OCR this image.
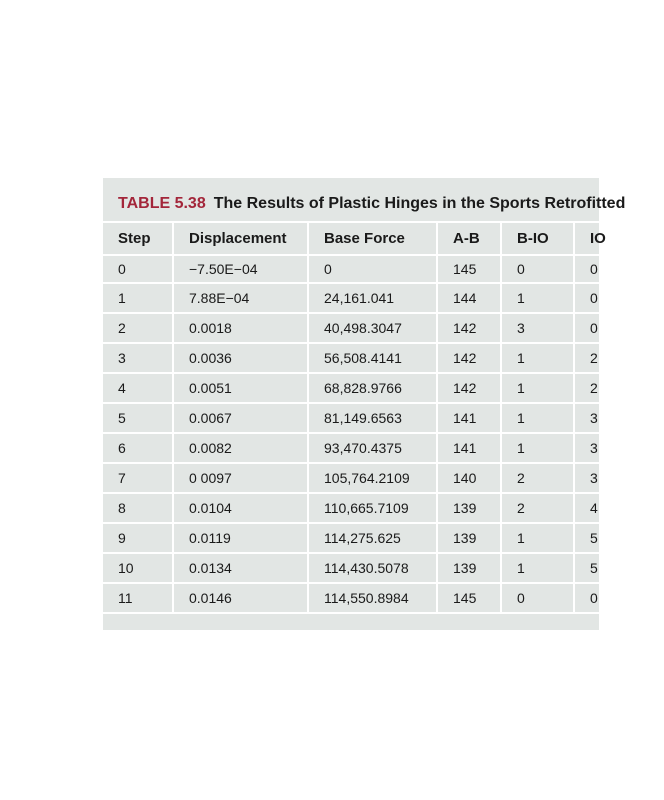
TABLE 5.38 The Results of Plastic Hinges in the Sports Retrofitted
Step	Displacement	Base Force	A-B	B-IO	IO
0	−7.50E−04	0	145	0	0
1	7.88E−04	24,161.041	144	1	0
2	0.0018	40,498.3047	142	3	0
3	0.0036	56,508.4141	142	1	2
4	0.0051	68,828.9766	142	1	2
5	0.0067	81,149.6563	141	1	3
6	0.0082	93,470.4375	141	1	3
7	0 0097	105,764.2109	140	2	3
8	0.0104	110,665.7109	139	2	4
9	0.0119	114,275.625	139	1	5
10	0.0134	114,430.5078	139	1	5
11	0.0146	114,550.8984	145	0	0
